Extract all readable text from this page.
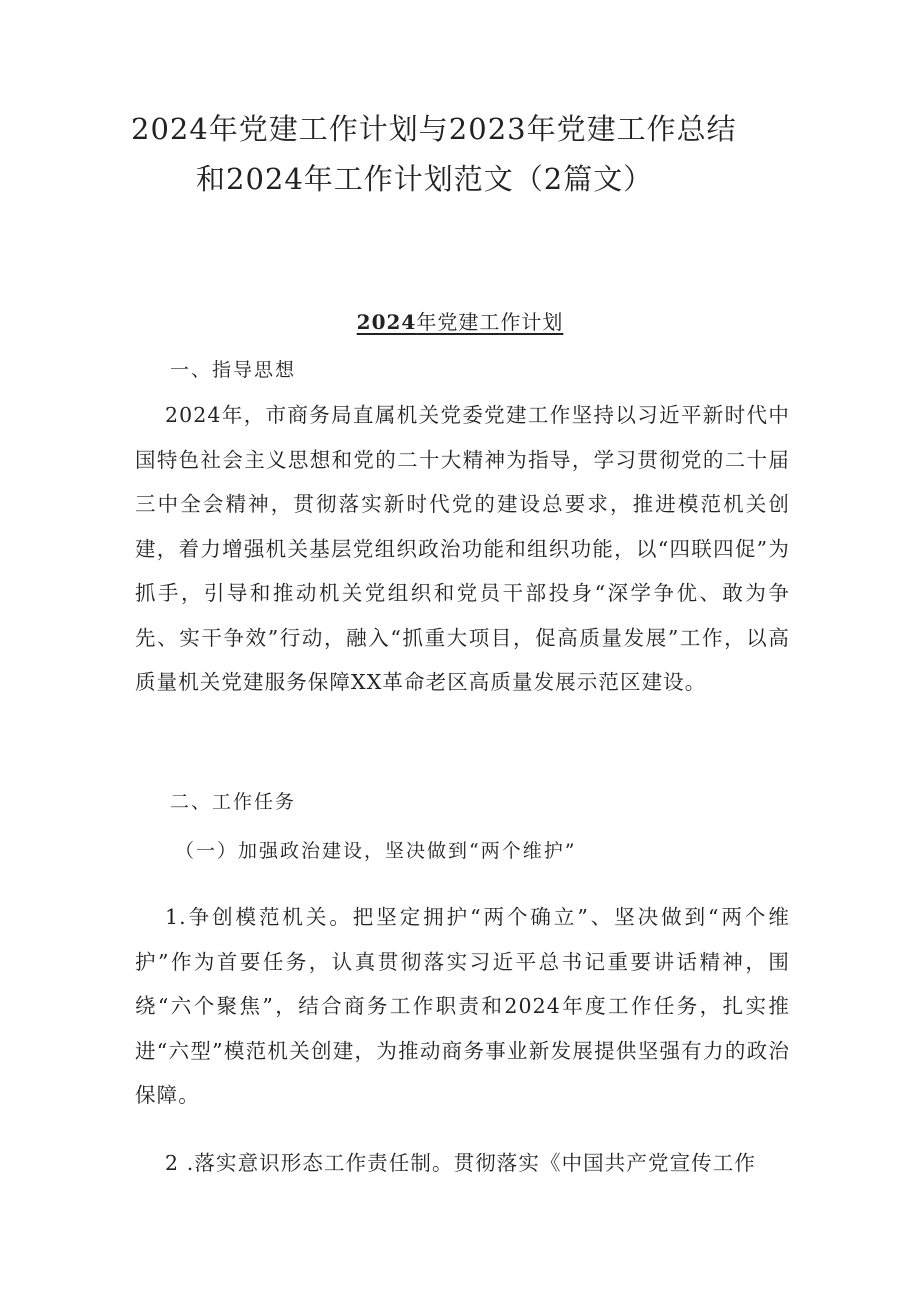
2024年党建工作计划与2023年党建工作总结
和2024年工作计划范文（2篇文）
2024年党建工作计划

一、指导思想

2024年，市商务局直属机关党委党建工作坚持以习近平新时代中国特色社会主义思想和党的二十大精神为指导，学习贯彻党的二十届三中全会精神，贯彻落实新时代党的建设总要求，推进模范机关创建，着力增强机关基层党组织政治功能和组织功能，以“四联四促”为抓手，引导和推动机关党组织和党员干部投身“深学争优、敢为争先、实干争效”行动，融入“抓重大项目，促高质量发展”工作，以高质量机关党建服务保障XX革命老区高质量发展示范区建设。

二、工作任务

（一）加强政治建设，坚决做到“两个维护”

1.争创模范机关。把坚定拥护“两个确立”、坚决做到“两个维护”作为首要任务，认真贯彻落实习近平总书记重要讲话精神，围绕“六个聚焦”，结合商务工作职责和2024年度工作任务，扎实推进“六型”模范机关创建，为推动商务事业新发展提供坚强有力的政治保障。

2 .落实意识形态工作责任制。贯彻落实《中国共产党宣传工作
